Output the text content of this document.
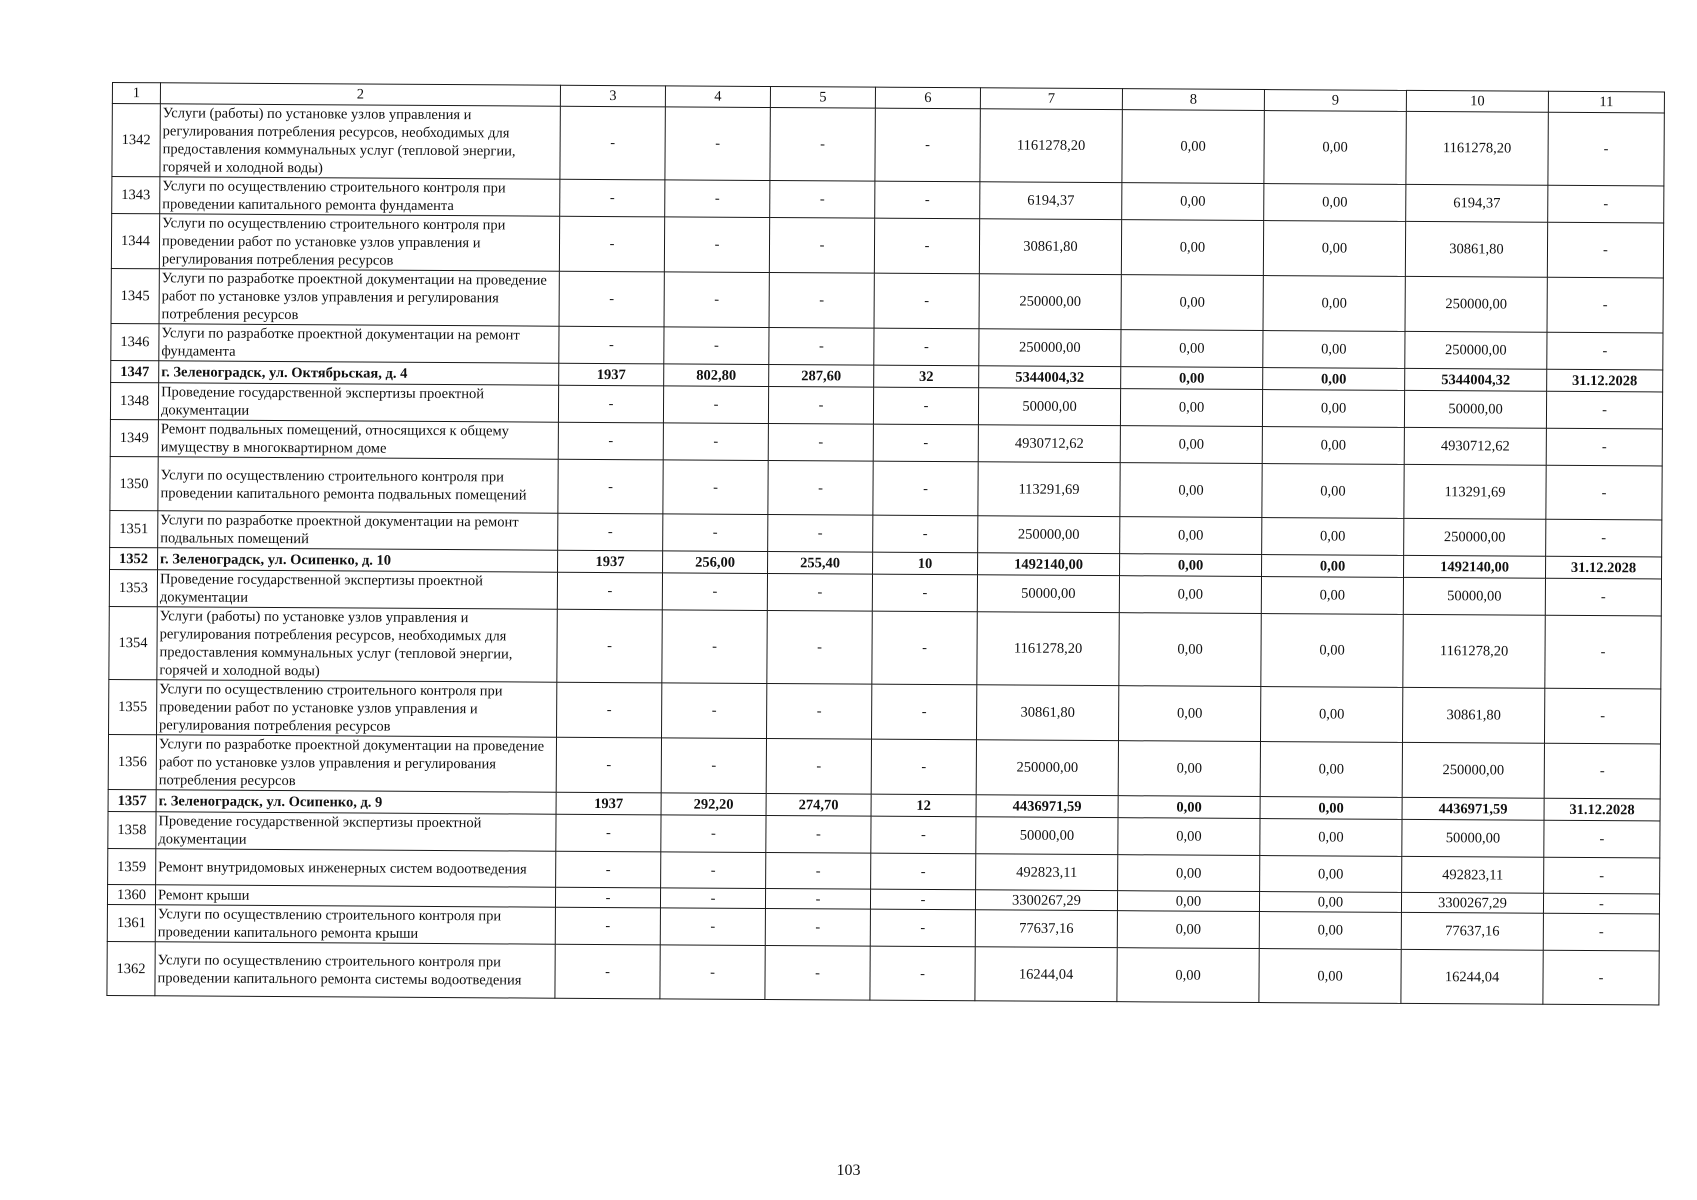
1	2	3	4	5	6	7	8	9	10	11
1342	Услуги (работы) по установке узлов управления и регулирования потребления ресурсов, необходимых для предоставления коммунальных услуг (тепловой энергии, горячей и холодной воды)	-	-	-	-	1161278,20	0,00	0,00	1161278,20	-
1343	Услуги по осуществлению строительного контроля при проведении капитального ремонта фундамента	-	-	-	-	6194,37	0,00	0,00	6194,37	-
1344	Услуги по осуществлению строительного контроля при проведении работ по установке узлов управления и регулирования потребления ресурсов	-	-	-	-	30861,80	0,00	0,00	30861,80	-
1345	Услуги по разработке проектной документации на проведение работ по установке узлов управления и регулирования потребления ресурсов	-	-	-	-	250000,00	0,00	0,00	250000,00	-
1346	Услуги по разработке проектной документации на ремонт фундамента	-	-	-	-	250000,00	0,00	0,00	250000,00	-
1347	г. Зеленоградск, ул. Октябрьская, д. 4	1937	802,80	287,60	32	5344004,32	0,00	0,00	5344004,32	31.12.2028
1348	Проведение государственной экспертизы проектной документации	-	-	-	-	50000,00	0,00	0,00	50000,00	-
1349	Ремонт подвальных помещений, относящихся к общему имуществу в многоквартирном доме	-	-	-	-	4930712,62	0,00	0,00	4930712,62	-
1350	Услуги по осуществлению строительного контроля при проведении капитального ремонта подвальных помещений	-	-	-	-	113291,69	0,00	0,00	113291,69	-
1351	Услуги по разработке проектной документации на ремонт подвальных помещений	-	-	-	-	250000,00	0,00	0,00	250000,00	-
1352	г. Зеленоградск, ул. Осипенко, д. 10	1937	256,00	255,40	10	1492140,00	0,00	0,00	1492140,00	31.12.2028
1353	Проведение государственной экспертизы проектной документации	-	-	-	-	50000,00	0,00	0,00	50000,00	-
1354	Услуги (работы) по установке узлов управления и регулирования потребления ресурсов, необходимых для предоставления коммунальных услуг (тепловой энергии, горячей и холодной воды)	-	-	-	-	1161278,20	0,00	0,00	1161278,20	-
1355	Услуги по осуществлению строительного контроля при проведении работ по установке узлов управления и регулирования потребления ресурсов	-	-	-	-	30861,80	0,00	0,00	30861,80	-
1356	Услуги по разработке проектной документации на проведение работ по установке узлов управления и регулирования потребления ресурсов	-	-	-	-	250000,00	0,00	0,00	250000,00	-
1357	г. Зеленоградск, ул. Осипенко, д. 9	1937	292,20	274,70	12	4436971,59	0,00	0,00	4436971,59	31.12.2028
1358	Проведение государственной экспертизы проектной документации	-	-	-	-	50000,00	0,00	0,00	50000,00	-
1359	Ремонт внутридомовых инженерных систем водоотведения	-	-	-	-	492823,11	0,00	0,00	492823,11	-
1360	Ремонт крыши	-	-	-	-	3300267,29	0,00	0,00	3300267,29	-
1361	Услуги по осуществлению строительного контроля при проведении капитального ремонта крыши	-	-	-	-	77637,16	0,00	0,00	77637,16	-
1362	Услуги по осуществлению строительного контроля при проведении капитального ремонта системы водоотведения	-	-	-	-	16244,04	0,00	0,00	16244,04	-
103
